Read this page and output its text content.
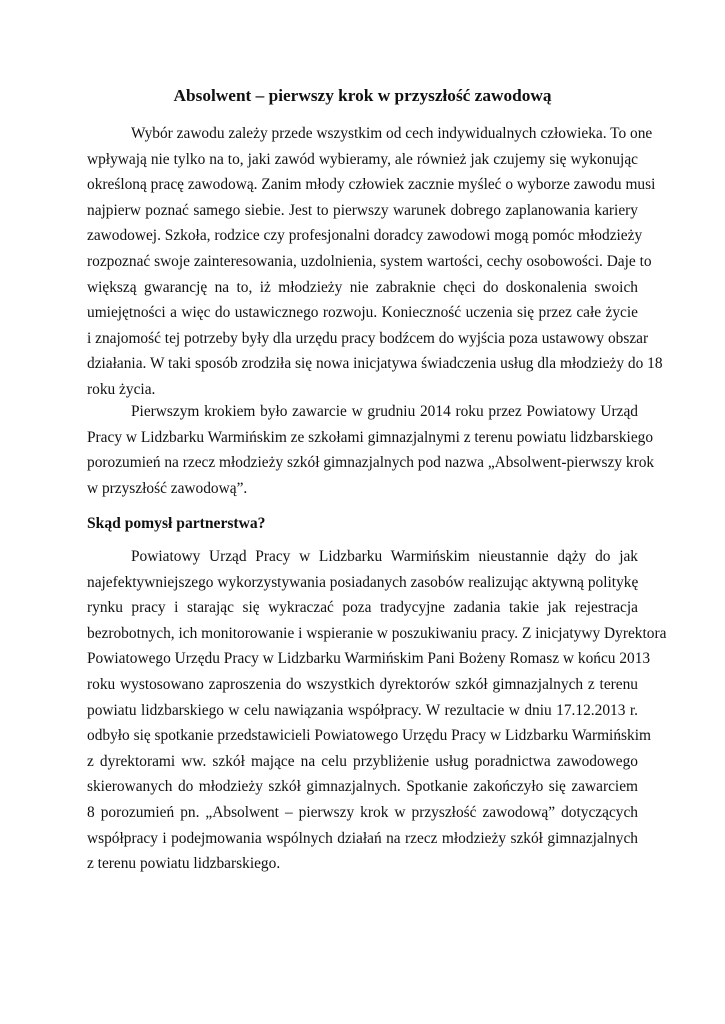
Absolwent – pierwszy krok w przyszłość zawodową
Wybór zawodu zależy przede wszystkim od cech indywidualnych człowieka. To one
wpływają nie tylko na to, jaki zawód wybieramy, ale również jak czujemy się wykonując
określoną pracę zawodową. Zanim młody człowiek zacznie myśleć o wyborze zawodu musi
najpierw poznać samego siebie. Jest to pierwszy warunek dobrego zaplanowania kariery
zawodowej. Szkoła, rodzice czy profesjonalni doradcy zawodowi mogą pomóc młodzieży
rozpoznać swoje zainteresowania, uzdolnienia, system wartości, cechy osobowości. Daje to
większą gwarancję na to, iż młodzieży nie zabraknie chęci do doskonalenia swoich
umiejętności a więc do ustawicznego rozwoju. Konieczność uczenia się przez całe życie
i znajomość tej potrzeby były dla urzędu pracy bodźcem do wyjścia poza ustawowy obszar
działania. W taki sposób zrodziła się nowa inicjatywa świadczenia usług dla młodzieży do 18
roku życia.
Pierwszym krokiem było zawarcie w grudniu 2014 roku przez Powiatowy Urząd
Pracy w Lidzbarku Warmińskim ze szkołami gimnazjalnymi z terenu powiatu lidzbarskiego
porozumień na rzecz młodzieży szkół gimnazjalnych pod nazwa „Absolwent-pierwszy krok
w przyszłość zawodową”.
Skąd pomysł partnerstwa?
Powiatowy Urząd Pracy w Lidzbarku Warmińskim nieustannie dąży do jak
najefektywniejszego wykorzystywania posiadanych zasobów realizując aktywną politykę
rynku pracy i starając się wykraczać poza tradycyjne zadania takie jak rejestracja
bezrobotnych, ich monitorowanie i wspieranie w poszukiwaniu pracy. Z inicjatywy Dyrektora
Powiatowego Urzędu Pracy w Lidzbarku Warmińskim Pani Bożeny Romasz w końcu 2013
roku wystosowano zaproszenia do wszystkich dyrektorów szkół gimnazjalnych z terenu
powiatu lidzbarskiego w celu nawiązania współpracy. W rezultacie w dniu 17.12.2013 r.
odbyło się spotkanie przedstawicieli Powiatowego Urzędu Pracy w Lidzbarku Warmińskim
z dyrektorami ww. szkół mające na celu przybliżenie usług poradnictwa zawodowego
skierowanych do młodzieży szkół gimnazjalnych. Spotkanie zakończyło się zawarciem
8 porozumień pn. „Absolwent – pierwszy krok w przyszłość zawodową” dotyczących
współpracy i podejmowania wspólnych działań na rzecz młodzieży szkół gimnazjalnych
z terenu powiatu lidzbarskiego.
